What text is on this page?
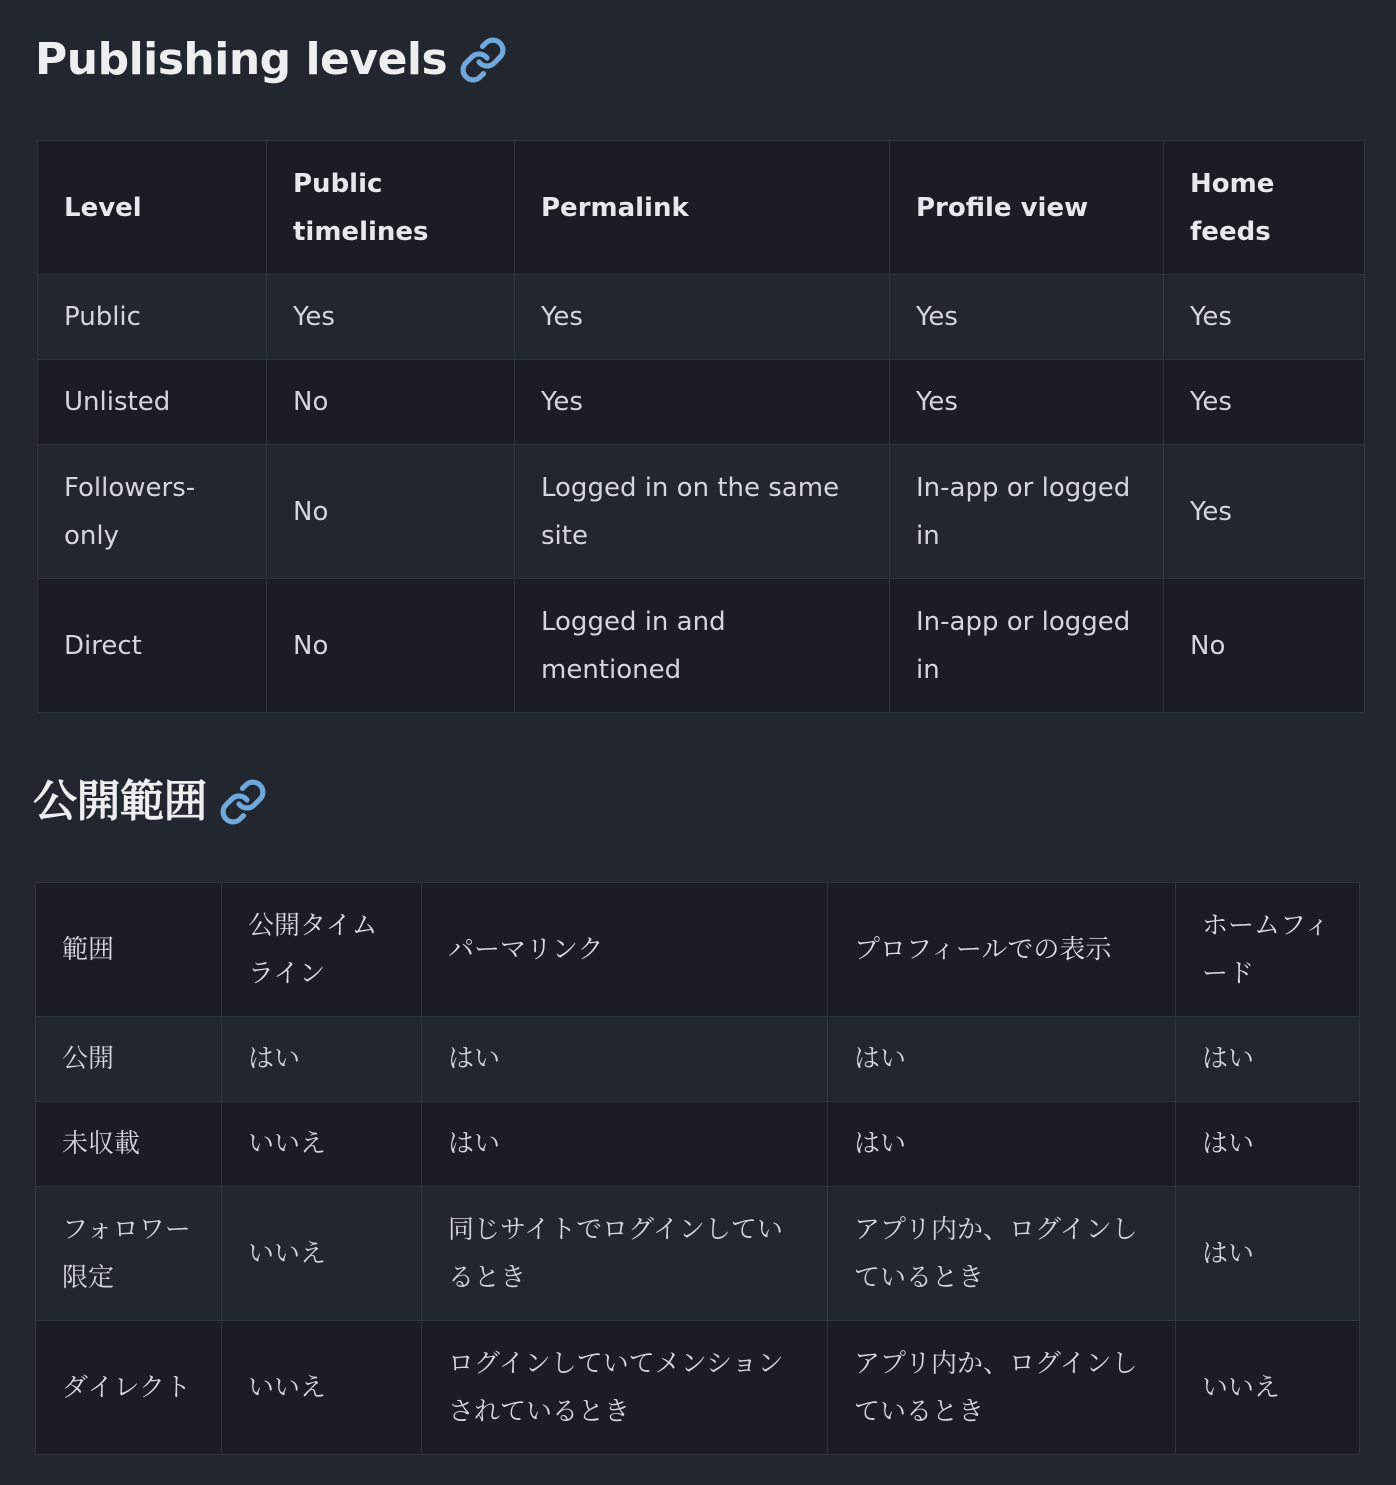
Publishing levels
Level	Public timelines	Permalink	Profile view	Home feeds
Public	Yes	Yes	Yes	Yes
Unlisted	No	Yes	Yes	Yes
Followers-only	No	Logged in on the same site	In-app or logged in	Yes
Direct	No	Logged in and mentioned	In-app or logged in	No
公開範囲
範囲	公開タイムライン	パーマリンク	プロフィールでの表示	ホームフィード
公開	はい	はい	はい	はい
未収載	いいえ	はい	はい	はい
フォロワー限定	いいえ	同じサイトでログインしているとき	アプリ内か、ログインしているとき	はい
ダイレクト	いいえ	ログインしていてメンションされているとき	アプリ内か、ログインしているとき	いいえ
